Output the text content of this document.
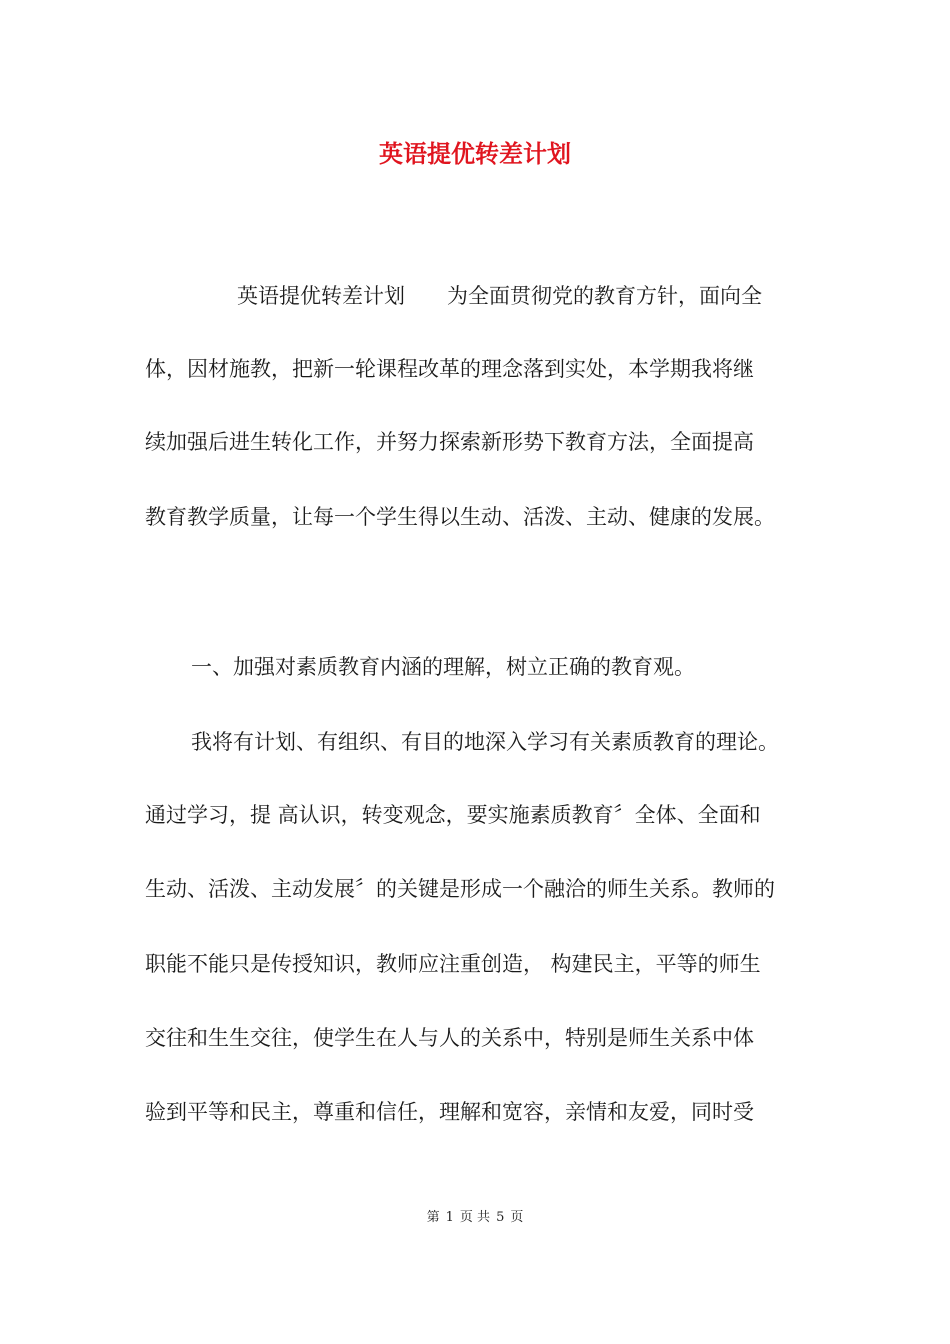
英语提优转差计划
英语提优转差计划　　为全面贯彻党的教育方针，面向全
体，因材施教，把新一轮课程改革的理念落到实处，本学期我将继
续加强后进生转化工作，并努力探索新形势下教育方法，全面提高
教育教学质量，让每一个学生得以生动、活泼、主动、健康的发展。
一、加强对素质教育内涵的理解，树立正确的教育观。
我将有计划、有组织、有目的地深入学习有关素质教育的理论。
通过学习，提 高认识，转变观念，要实施素质教育〞全体、全面和
生动、活泼、主动发展〞的关键是形成一个融洽的师生关系。教师的
职能不能只是传授知识，教师应注重创造， 构建民主，平等的师生
交往和生生交往，使学生在人与人的关系中，特别是师生关系中体
验到平等和民主，尊重和信任，理解和宽容，亲情和友爱，同时受
第 1 页 共 5 页
